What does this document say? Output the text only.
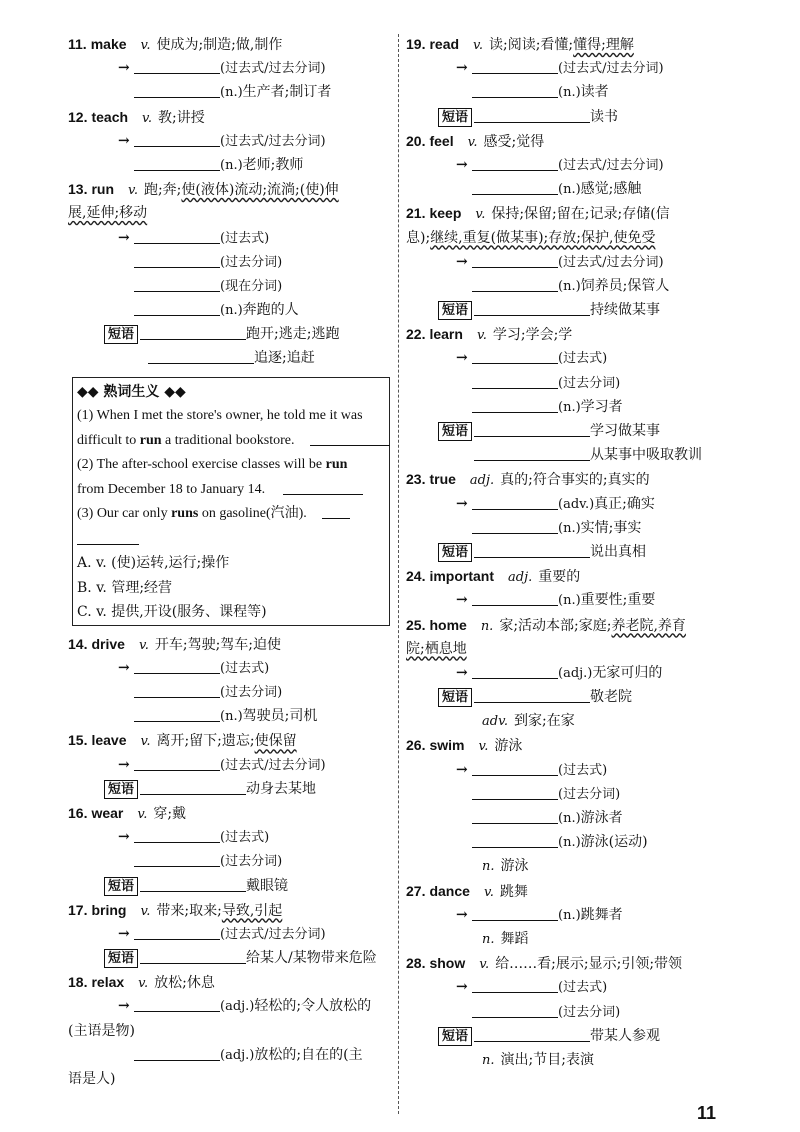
11. make v. 使成为;制造;做,制作
→	(过去式/过去分词)
(n.)生产者;制订者
12. teach v. 教;讲授
→	(过去式/过去分词)
(n.)老师;教师
13. run v. 跑;奔;使(液体)流动;流淌;(使)伸
展,延伸;移动
→	(过去式)
(过去分词)
(现在分词)
(n.)奔跑的人
短语	跑开;逃走;逃跑
追逐;追赶
◆◆ 熟词生义 ◆◆
(1) When I met the store's owner, he told me it was
difficult to run a traditional bookstore.
(2) The after-school exercise classes will be run
from December 18 to January 14.
(3) Our car only runs on gasoline(汽油).
A. v. (使)运转,运行;操作
B. v. 管理;经营
C. v. 提供,开设(服务、课程等)
14. drive v. 开车;驾驶;驾车;迫使
→	(过去式)
(过去分词)
(n.)驾驶员;司机
15. leave v. 离开;留下;遗忘;使保留
→	(过去式/过去分词)
短语	动身去某地
16. wear v. 穿;戴
→	(过去式)
(过去分词)
短语	戴眼镜
17. bring v. 带来;取来;导致,引起
→	(过去式/过去分词)
短语	给某人/某物带来危险
18. relax v. 放松;休息
→	(adj.)轻松的;令人放松的
(主语是物)
(adj.)放松的;自在的(主
语是人)
19. read v. 读;阅读;看懂;懂得;理解
→	(过去式/过去分词)
(n.)读者
短语	读书
20. feel v. 感受;觉得
→	(过去式/过去分词)
(n.)感觉;感触
21. keep v. 保持;保留;留在;记录;存储(信
息);继续,重复(做某事);存放;保护,使免受
→	(过去式/过去分词)
(n.)饲养员;保管人
短语	持续做某事
22. learn v. 学习;学会;学
→	(过去式)
(过去分词)
(n.)学习者
短语	学习做某事
从某事中吸取教训
23. true adj. 真的;符合事实的;真实的
→	(adv.)真正;确实
(n.)实情;事实
短语	说出真相
24. important adj. 重要的
→	(n.)重要性;重要
25. home n. 家;活动本部;家庭;养老院,养育
院;栖息地
→	(adj.)无家可归的
短语	敬老院
adv. 到家;在家
26. swim v. 游泳
→	(过去式)
(过去分词)
(n.)游泳者
(n.)游泳(运动)
n. 游泳
27. dance v. 跳舞
→	(n.)跳舞者
n. 舞蹈
28. show v. 给……看;展示;显示;引领;带领
→	(过去式)
(过去分词)
短语	带某人参观
n. 演出;节目;表演
11
